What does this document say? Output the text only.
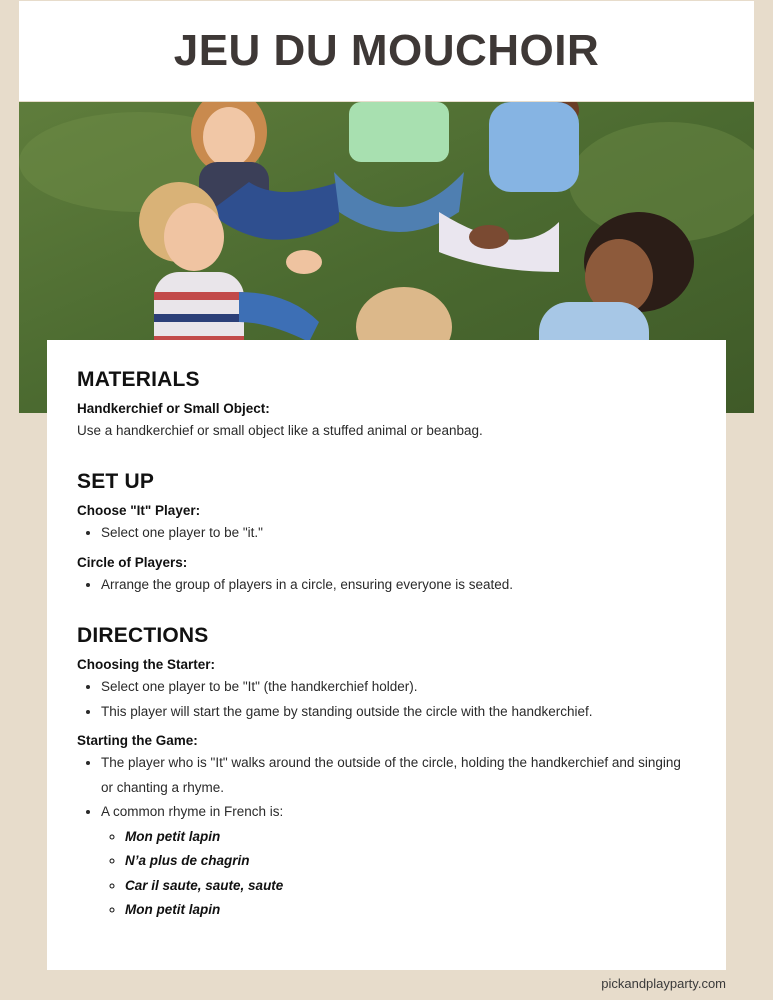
JEU DU MOUCHOIR
MATERIALS
Handkerchief or Small Object:

Use a handkerchief or small object like a stuffed animal or beanbag.

SET UP
Choose "It" Player:
• Select one player to be "it."
Circle of Players:
• Arrange the group of players in a circle, ensuring everyone is seated.
DIRECTIONS
Choosing the Starter:
• Select one player to be "It" (the handkerchief holder).
• This player will start the game by standing outside the circle with the handkerchief.
Starting the Game:
• The player who is "It" walks around the outside of the circle, holding the handkerchief and singing or chanting a rhyme.
• A common rhyme in French is:
◦ Mon petit lapin
◦ N’a plus de chagrin
◦ Car il saute, saute, saute
◦ Mon petit lapin
pickandplayparty.com
